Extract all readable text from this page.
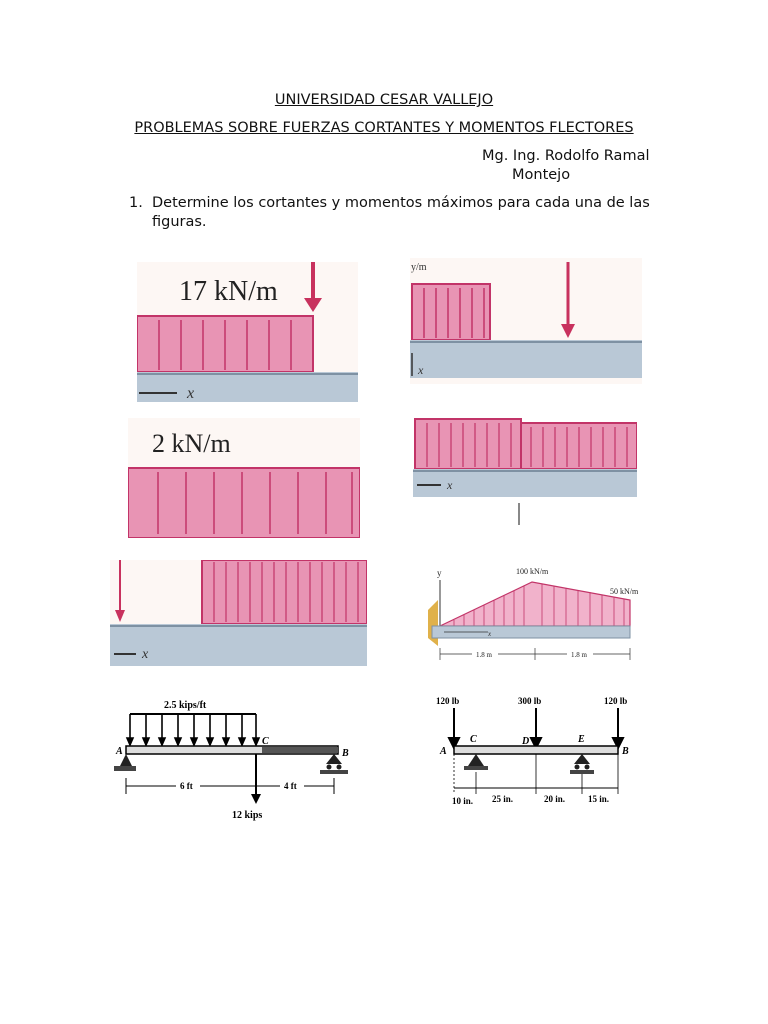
UNIVERSIDAD CESAR VALLEJO
PROBLEMAS SOBRE FUERZAS CORTANTES Y MOMENTOS FLECTORES
Mg. Ing. Rodolfo Ramal
Montejo
1. Determine los cortantes y momentos máximos para cada una de las
figuras.
17 kN/m
x
y/m
x
2 kN/m
x
x
y	100 kN/m
50 kN/m
x
1.8 m	1.8 m
2.5 kips/ft
A	B
C
12 kips
6 ft	4 ft
120 lb	300 lb	120 lb
A	B
C	D	E
10 in. 25 in.	20 in.	15 in.
